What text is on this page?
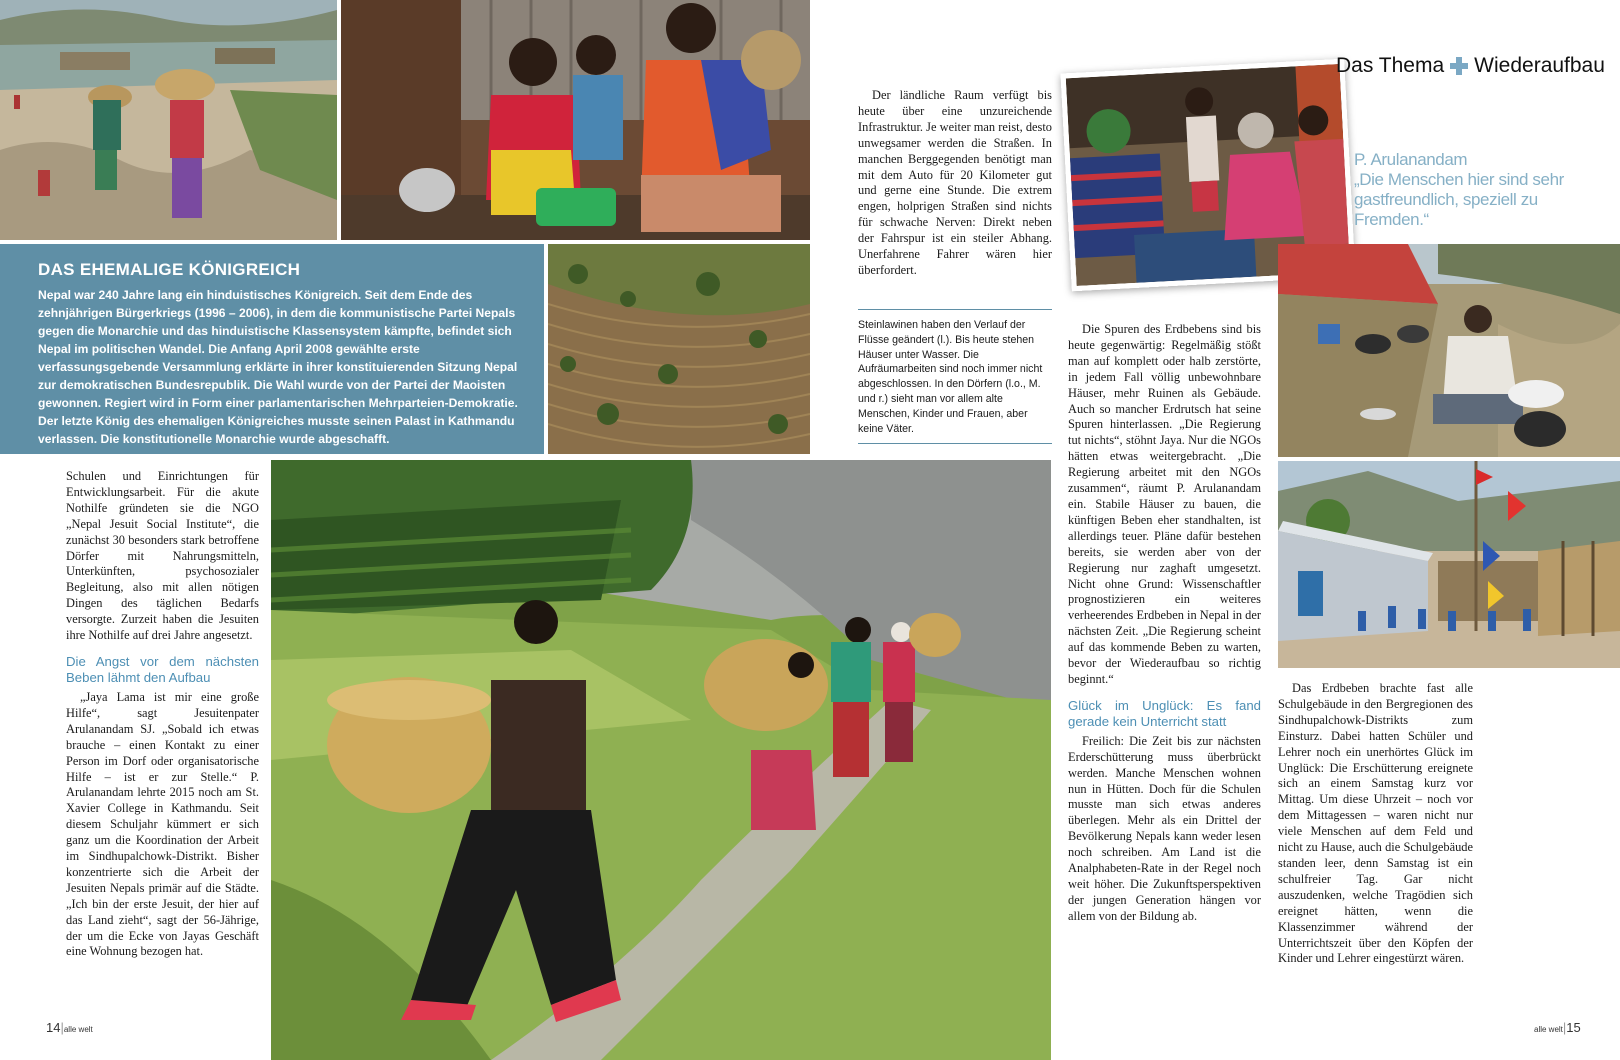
DAS EHEMALIGE KÖNIGREICH

Nepal war 240 Jahre lang ein hinduistisches Königreich. Seit dem Ende des zehnjährigen Bürgerkriegs (1996 – 2006), in dem die kommunistische Partei Nepals gegen die Monarchie und das hinduistische Klassensystem kämpfte, befindet sich Nepal im politischen Wandel. Die Anfang April 2008 gewählte erste verfassungsgebende Versammlung erklärte in ihrer konstituierenden Sitzung Nepal zur demokratischen Bundesrepublik. Die Wahl wurde von der Partei der Maoisten gewonnen. Regiert wird in Form einer parlamentarischen Mehrparteien-Demokratie. Der letzte König des ehemaligen Königreiches musste seinen Palast in Kathmandu verlassen. Die konstitutionelle Monarchie wurde abgeschafft.

Das Thema Wiederaufbau
P. Arulanandam
„Die Menschen hier sind sehr gastfreundlich, speziell zu Fremden.“

Der ländliche Raum verfügt bis heute über eine unzureichende Infrastruktur. Je weiter man reist, desto unwegsamer werden die Straßen. In manchen Berggegenden benötigt man mit dem Auto für 20 Kilometer gut und gerne eine Stunde. Die extrem engen, holprigen Straßen sind nichts für schwache Nerven: Direkt neben der Fahrspur ist ein steiler Abhang. Unerfahrene Fahrer wären hier überfordert.

Steinlawinen haben den Verlauf der Flüsse geändert (l.). Bis heute stehen Häuser unter Wasser. Die Aufräumarbeiten sind noch immer nicht abgeschlossen. In den Dörfern (l.o., M. und r.) sieht man vor allem alte Menschen, Kinder und Frauen, aber keine Väter.

Schulen und Einrichtungen für Entwicklungsarbeit. Für die akute Nothilfe gründeten sie die NGO „Nepal Jesuit Social Institute“, die zunächst 30 besonders stark betroffene Dörfer mit Nahrungsmitteln, Unterkünften, psychosozialer Begleitung, also mit allen nötigen Dingen des täglichen Bedarfs versorgte. Zurzeit haben die Jesuiten ihre Nothilfe auf drei Jahre angesetzt.

Die Angst vor dem nächsten Beben lähmt den Aufbau

„Jaya Lama ist mir eine große Hilfe“, sagt Jesuitenpater Arulanandam SJ. „Sobald ich etwas brauche – einen Kontakt zu einer Person im Dorf oder organisatorische Hilfe – ist er zur Stelle.“ P. Arulanandam lehrte 2015 noch am St. Xavier College in Kathmandu. Seit diesem Schuljahr kümmert er sich ganz um die Koordination der Arbeit im Sindhupalchowk-Distrikt. Bisher konzentrierte sich die Arbeit der Jesuiten Nepals primär auf die Städte. „Ich bin der erste Jesuit, der hier auf das Land zieht“, sagt der 56-Jährige, der um die Ecke von Jayas Geschäft eine Wohnung bezogen hat.

Die Spuren des Erdbebens sind bis heute gegenwärtig: Regelmäßig stößt man auf komplett oder halb zerstörte, in jedem Fall völlig unbewohnbare Häuser, mehr Ruinen als Gebäude. Auch so mancher Erdrutsch hat seine Spuren hinterlassen. „Die Regierung tut nichts“, stöhnt Jaya. Nur die NGOs hätten etwas weitergebracht. „Die Regierung arbeitet mit den NGOs zusammen“, räumt P. Arulanandam ein. Stabile Häuser zu bauen, die künftigen Beben eher standhalten, ist allerdings teuer. Pläne dafür bestehen bereits, sie werden aber von der Regierung nur zaghaft umgesetzt. Nicht ohne Grund: Wissenschaftler prognostizieren ein weiteres verheerendes Erdbeben in Nepal in der nächsten Zeit. „Die Regierung scheint auf das kommende Beben zu warten, bevor der Wiederaufbau so richtig beginnt.“

Glück im Unglück: Es fand gerade kein Unterricht statt

Freilich: Die Zeit bis zur nächsten Erderschütterung muss überbrückt werden. Manche Menschen wohnen nun in Hütten. Doch für die Schulen musste man sich etwas anderes überlegen. Mehr als ein Drittel der Bevölkerung Nepals kann weder lesen noch schreiben. Am Land ist die Analphabeten-Rate in der Regel noch weit höher. Die Zukunftsperspektiven der jungen Generation hängen vor allem von der Bildung ab.

Das Erdbeben brachte fast alle Schulgebäude in den Bergregionen des Sindhupalchowk-Distrikts zum Einsturz. Dabei hatten Schüler und Lehrer noch ein unerhörtes Glück im Unglück: Die Erschütterung ereignete sich an einem Samstag kurz vor Mittag. Um diese Uhrzeit – noch vor dem Mittagessen – waren nicht nur viele Menschen auf dem Feld und nicht zu Hause, auch die Schulgebäude standen leer, denn Samstag ist ein schulfreier Tag. Gar nicht auszudenken, welche Tragödien sich ereignet hätten, wenn die Klassenzimmer während der Unterrichtszeit über den Köpfen der Kinder und Lehrer eingestürzt wären.

14|alle welt	alle welt|15
